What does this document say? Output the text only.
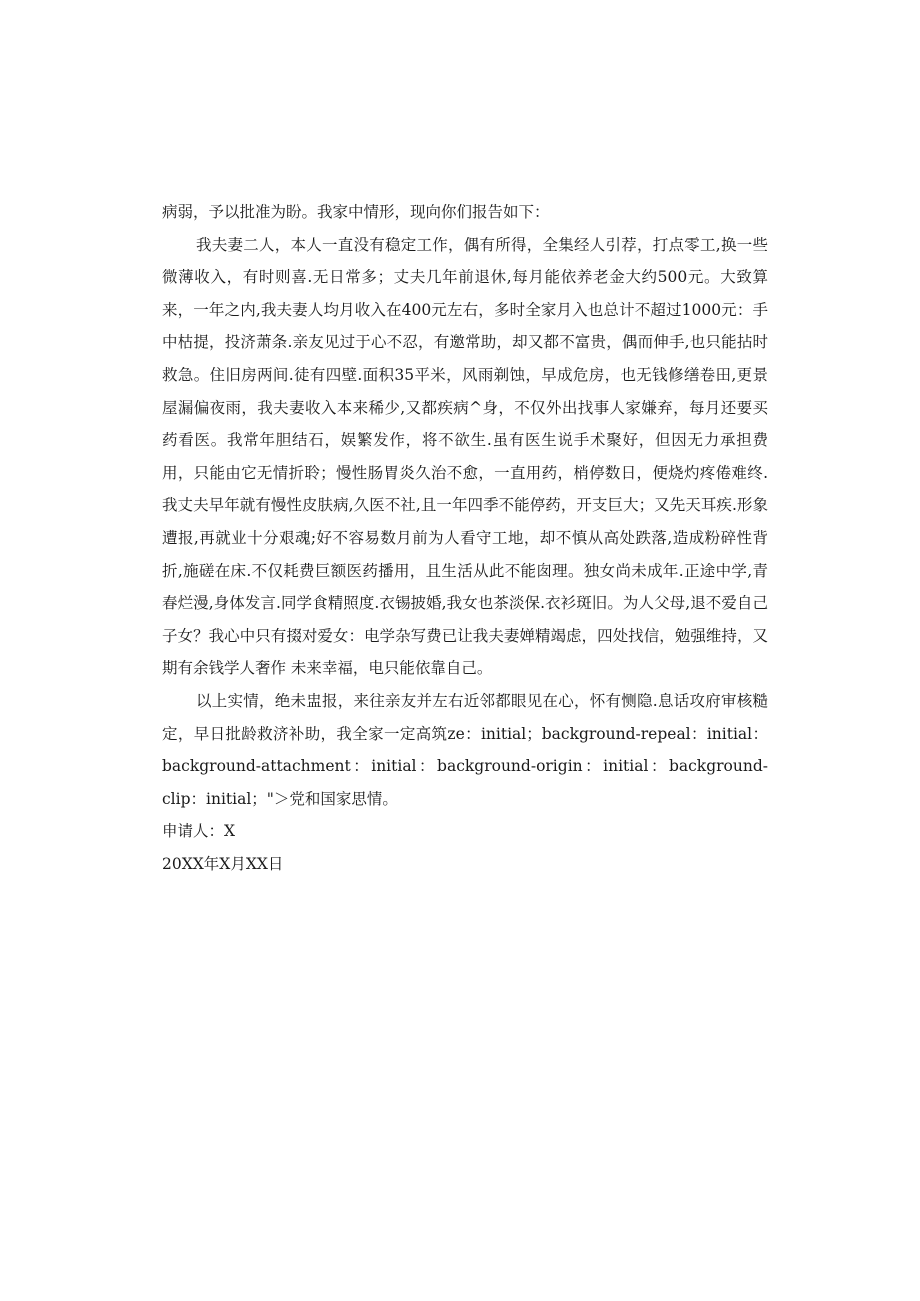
病弱，予以批准为盼。我家中情形，现向你们报告如下：

我夫妻二人，本人一直没有稳定工作，偶有所得，全集经人引荐，打点零工,换一些微薄收入，有时则喜.无日常多；丈夫几年前退休,每月能依养老金大约500元。大致算来，一年之内,我夫妻人均月收入在400元左右，多时全家月入也总计不超过1000元：手中枯提，投济萧条.亲友见过于心不忍，有邀常助，却又都不富贵，偶而伸手,也只能拈时救急。住旧房两间.徒有四壁.面积35平米，风雨剃蚀，早成危房，也无钱修缮卷田,更景屋漏偏夜雨，我夫妻收入本来稀少,又都疾病^身，不仅外出找事人家嫌弃，每月还要买药看医。我常年胆结石，娱繁发作，将不欲生.虽有医生说手术聚好，但因无力承担费用，只能由它无情折聆；慢性肠胃炎久治不愈，一直用药，梢停数日，便烧灼疼倦难终.我丈夫早年就有慢性皮肤病,久医不社,且一年四季不能停药，开支巨大；又先天耳疾.形象遭报,再就业十分艰魂;好不容易数月前为人看守工地，却不慎从高处跌落,造成粉碎性背折,施磋在床.不仅耗费巨额医药播用，且生活从此不能囱理。独女尚未成年.正途中学,青春烂漫,身体发言.同学食精照度.衣锡披婚,我女也茶淡保.衣衫斑旧。为人父母,退不爱自己子女？我心中只有掇对爱女：电学杂写费已让我夫妻婵精竭虑，四处找信，勉强维持，又期有余钱学人奢作 未来幸福，电只能依靠自己。

以上实情，绝未盅报，来往亲友并左右近邻都眼见在心，怀有恻隐.息话攻府审核糙定，早日批龄救济补助，我全家一定高筑ze：initial；background-repeal：initial：background-attachment：initial：background-origin：initial：background-clip：initial；"＞党和国家思情。

申请人：X

20XX年X月XX日
